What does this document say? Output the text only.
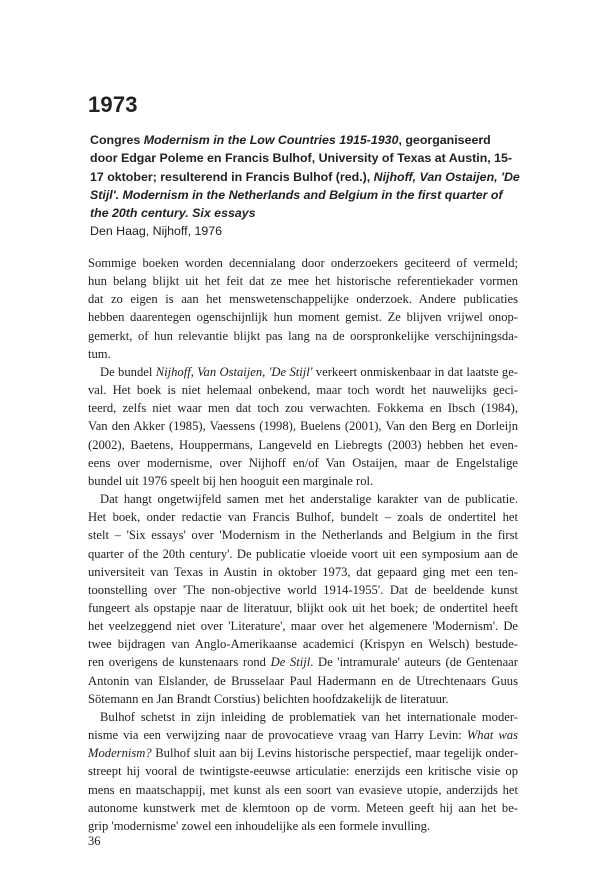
1973
Congres Modernism in the Low Countries 1915-1930, georganiseerd door Edgar Poleme en Francis Bulhof, University of Texas at Austin, 15-17 oktober; resulterend in Francis Bulhof (red.), Nijhoff, Van Ostaijen, 'De Stijl'. Modernism in the Netherlands and Belgium in the first quarter of the 20th century. Six essays
Den Haag, Nijhoff, 1976
Sommige boeken worden decennialang door onderzoekers geciteerd of vermeld;
hun belang blijkt uit het feit dat ze mee het historische referentiekader vormen
dat zo eigen is aan het menswetenschappelijke onderzoek. Andere publicaties
hebben daarentegen ogenschijnlijk hun moment gemist. Ze blijven vrijwel onop-
gemerkt, of hun relevantie blijkt pas lang na de oorspronkelijke verschijningsda-
tum.
De bundel Nijhoff, Van Ostaijen, 'De Stijl' verkeert onmiskenbaar in dat laatste ge-
val. Het boek is niet helemaal onbekend, maar toch wordt het nauwelijks geci-
teerd, zelfs niet waar men dat toch zou verwachten. Fokkema en Ibsch (1984),
Van den Akker (1985), Vaessens (1998), Buelens (2001), Van den Berg en Dorleijn
(2002), Baetens, Houppermans, Langeveld en Liebregts (2003) hebben het even-
eens over modernisme, over Nijhoff en/of Van Ostaijen, maar de Engelstalige
bundel uit 1976 speelt bij hen hooguit een marginale rol.
Dat hangt ongetwijfeld samen met het anderstalige karakter van de publicatie.
Het boek, onder redactie van Francis Bulhof, bundelt – zoals de ondertitel het
stelt – 'Six essays' over 'Modernism in the Netherlands and Belgium in the first
quarter of the 20th century'. De publicatie vloeide voort uit een symposium aan de
universiteit van Texas in Austin in oktober 1973, dat gepaard ging met een ten-
toonstelling over 'The non-objective world 1914-1955'. Dat de beeldende kunst
fungeert als opstapje naar de literatuur, blijkt ook uit het boek; de ondertitel heeft
het veelzeggend niet over 'Literature', maar over het algemenere 'Modernism'. De
twee bijdragen van Anglo-Amerikaanse academici (Krispyn en Welsch) bestude-
ren overigens de kunstenaars rond De Stijl. De 'intramurale' auteurs (de Gentenaar
Antonin van Elslander, de Brusselaar Paul Hadermann en de Utrechtenaars Guus
Sötemann en Jan Brandt Corstius) belichten hoofdzakelijk de literatuur.
Bulhof schetst in zijn inleiding de problematiek van het internationale moder-
nisme via een verwijzing naar de provocatieve vraag van Harry Levin: What was
Modernism? Bulhof sluit aan bij Levins historische perspectief, maar tegelijk onder-
streept hij vooral de twintigste-eeuwse articulatie: enerzijds een kritische visie op
mens en maatschappij, met kunst als een soort van evasieve utopie, anderzijds het
autonome kunstwerk met de klemtoon op de vorm. Meteen geeft hij aan het be-
grip 'modernisme' zowel een inhoudelijke als een formele invulling.
36
